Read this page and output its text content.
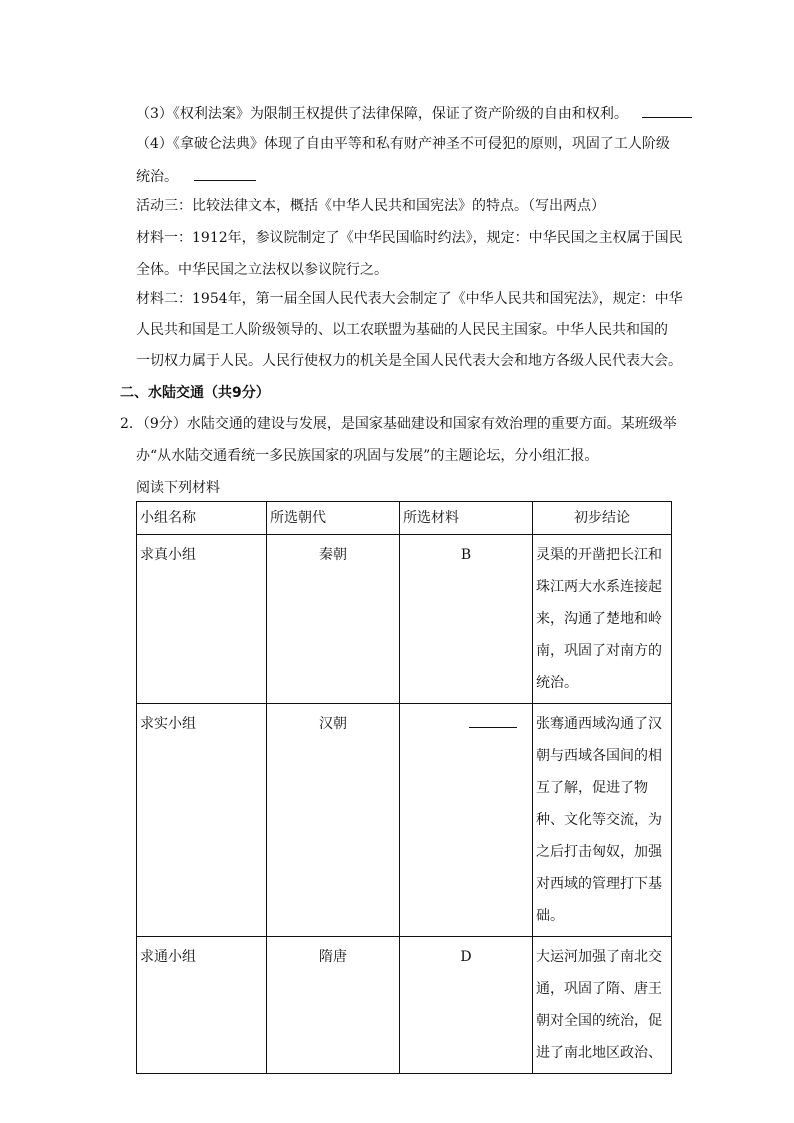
（3）《权利法案》为限制王权提供了法律保障，保证了资产阶级的自由和权利。
（4）《拿破仑法典》体现了自由平等和私有财产神圣不可侵犯的原则，巩固了工人阶级
统治。
活动三：比较法律文本，概括《中华人民共和国宪法》的特点。（写出两点）
材料一：1912年，参议院制定了《中华民国临时约法》，规定：中华民国之主权属于国民
全体。中华民国之立法权以参议院行之。
材料二：1954年，第一届全国人民代表大会制定了《中华人民共和国宪法》，规定：中华
人民共和国是工人阶级领导的、以工农联盟为基础的人民民主国家。中华人民共和国的
一切权力属于人民。人民行使权力的机关是全国人民代表大会和地方各级人民代表大会。
二、水陆交通（共9分）
2．（9分）水陆交通的建设与发展，是国家基础建设和国家有效治理的重要方面。某班级举
办“从水陆交通看统一多民族国家的巩固与发展”的主题论坛，分小组汇报。
阅读下列材料
小组名称	所选朝代	所选材料	初步结论
求真小组	秦朝	B	灵渠的开凿把长江和珠江两大水系连接起来，沟通了楚地和岭南，巩固了对南方的统治。
求实小组	汉朝		张骞通西域沟通了汉朝与西域各国间的相互了解，促进了物种、文化等交流，为之后打击匈奴，加强对西域的管理打下基础。
求通小组	隋唐	D	大运河加强了南北交通，巩固了隋、唐王朝对全国的统治，促进了南北地区政治、
